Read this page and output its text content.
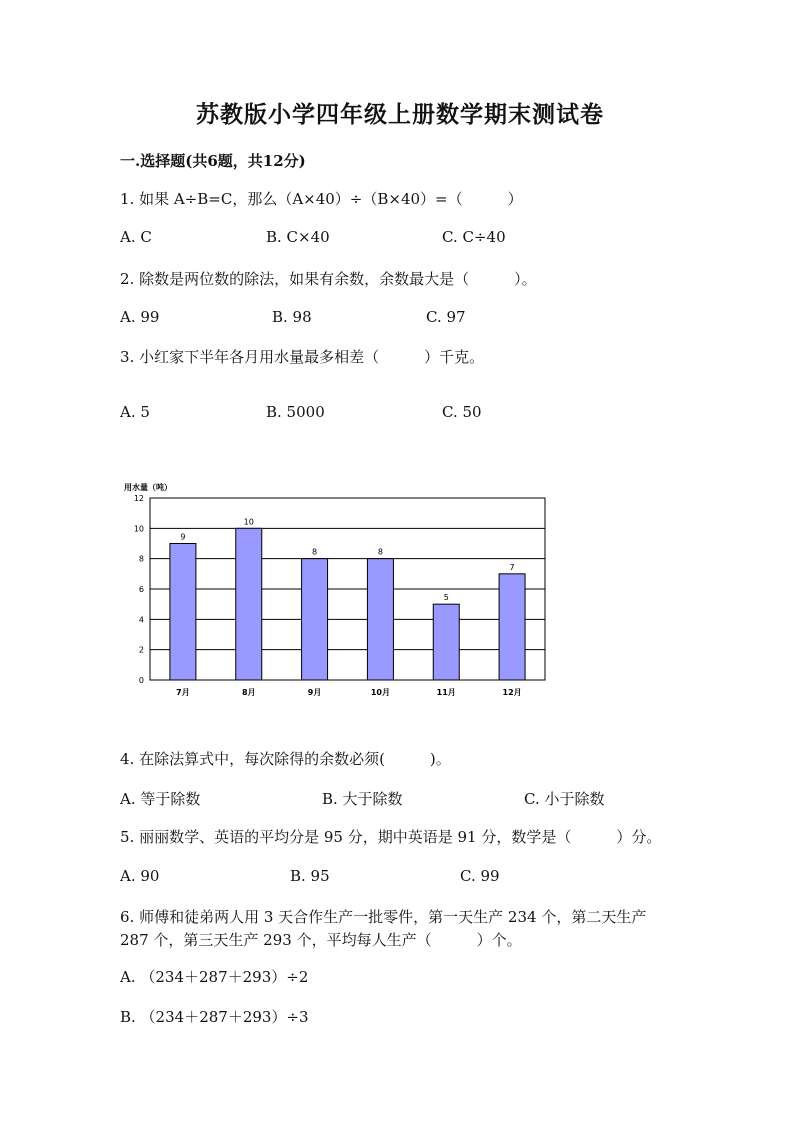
苏教版小学四年级上册数学期末测试卷
一.选择题(共6题，共12分)
1. 如果 A÷B=C，那么（A×40）÷（B×40）=（　　　）
A. C	B. C×40	C. C÷40
2. 除数是两位数的除法，如果有余数，余数最大是（　　　）。
A. 99	B. 98	C. 97
3. 小红家下半年各月用水量最多相差（　　　）千克。
A. 5	B. 5000	C. 50
用水量（吨）
0
2
4
6
8
10
12
9
7月
10
8月
8
9月
8
10月
5
11月
7
12月
4. 在除法算式中，每次除得的余数必须(　　　)。
A. 等于除数	B. 大于除数	C. 小于除数
5. 丽丽数学、英语的平均分是 95 分，期中英语是 91 分，数学是（　　　）分。
A. 90	B. 95	C. 99
6. 师傅和徒弟两人用 3 天合作生产一批零件，第一天生产 234 个，第二天生产
287 个，第三天生产 293 个，平均每人生产（　　　）个。
A. （234＋287＋293）÷2
B. （234＋287＋293）÷3
